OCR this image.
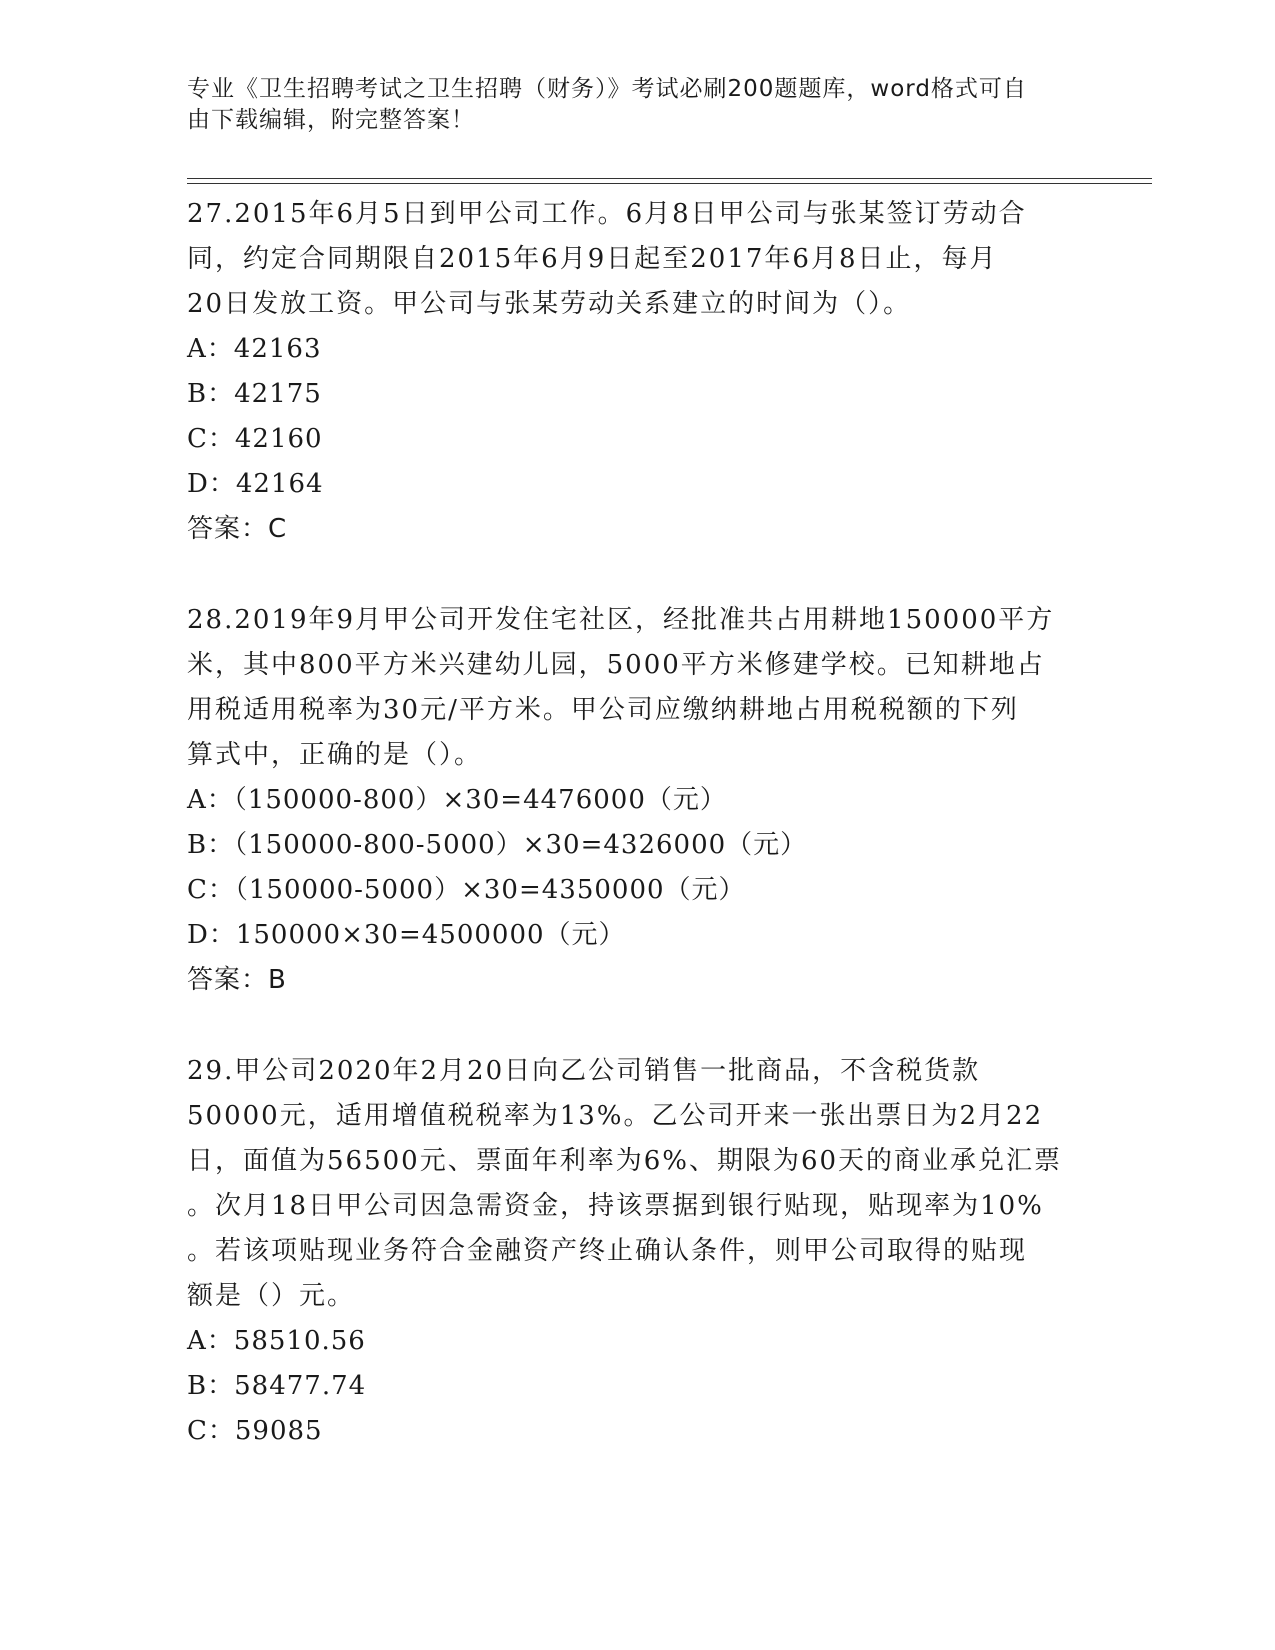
专业《卫生招聘考试之卫生招聘（财务）》考试必刷200题题库，word格式可自
由下载编辑，附完整答案！

27.2015年6月5日到甲公司工作。6月8日甲公司与张某签订劳动合

同，约定合同期限自2015年6月9日起至2017年6月8日止，每月

20日发放工资。甲公司与张某劳动关系建立的时间为（）。

A：42163

B：42175

C：42160

D：42164

答案：C

28.2019年9月甲公司开发住宅社区，经批准共占用耕地150000平方

米，其中800平方米兴建幼儿园，5000平方米修建学校。已知耕地占

用税适用税率为30元/平方米。甲公司应缴纳耕地占用税税额的下列

算式中，正确的是（）。

A：（150000-800）×30=4476000（元）

B：（150000-800-5000）×30=4326000（元）

C：（150000-5000）×30=4350000（元）

D：150000×30=4500000（元）

答案：B

29.甲公司2020年2月20日向乙公司销售一批商品，不含税货款

50000元，适用增值税税率为13%。乙公司开来一张出票日为2月22

日，面值为56500元、票面年利率为6%、期限为60天的商业承兑汇票

。次月18日甲公司因急需资金，持该票据到银行贴现，贴现率为10%

。若该项贴现业务符合金融资产终止确认条件，则甲公司取得的贴现

额是（）元。

A：58510.56

B：58477.74

C：59085
